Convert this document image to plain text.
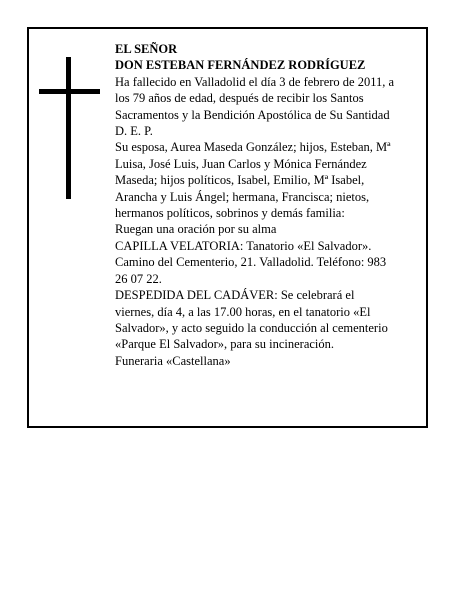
EL SEÑOR
DON ESTEBAN FERNÁNDEZ RODRÍGUEZ
Ha fallecido en Valladolid el día 3 de febrero de 2011, a
los 79 años de edad, después de recibir los Santos
Sacramentos y la Bendición Apostólica de Su Santidad
D. E. P.
Su esposa, Aurea Maseda González; hijos, Esteban, Mª
Luisa, José Luis, Juan Carlos y Mónica Fernández
Maseda; hijos políticos, Isabel, Emilio, Mª Isabel,
Arancha y Luis Ángel; hermana, Francisca; nietos,
hermanos políticos, sobrinos y demás familia:
Ruegan una oración por su alma
CAPILLA VELATORIA: Tanatorio «El Salvador».
Camino del Cementerio, 21. Valladolid. Teléfono: 983
26 07 22.
DESPEDIDA DEL CADÁVER: Se celebrará el
viernes, día 4, a las 17.00 horas, en el tanatorio «El
Salvador», y acto seguido la conducción al cementerio
«Parque El Salvador», para su incineración.
Funeraria «Castellana»
